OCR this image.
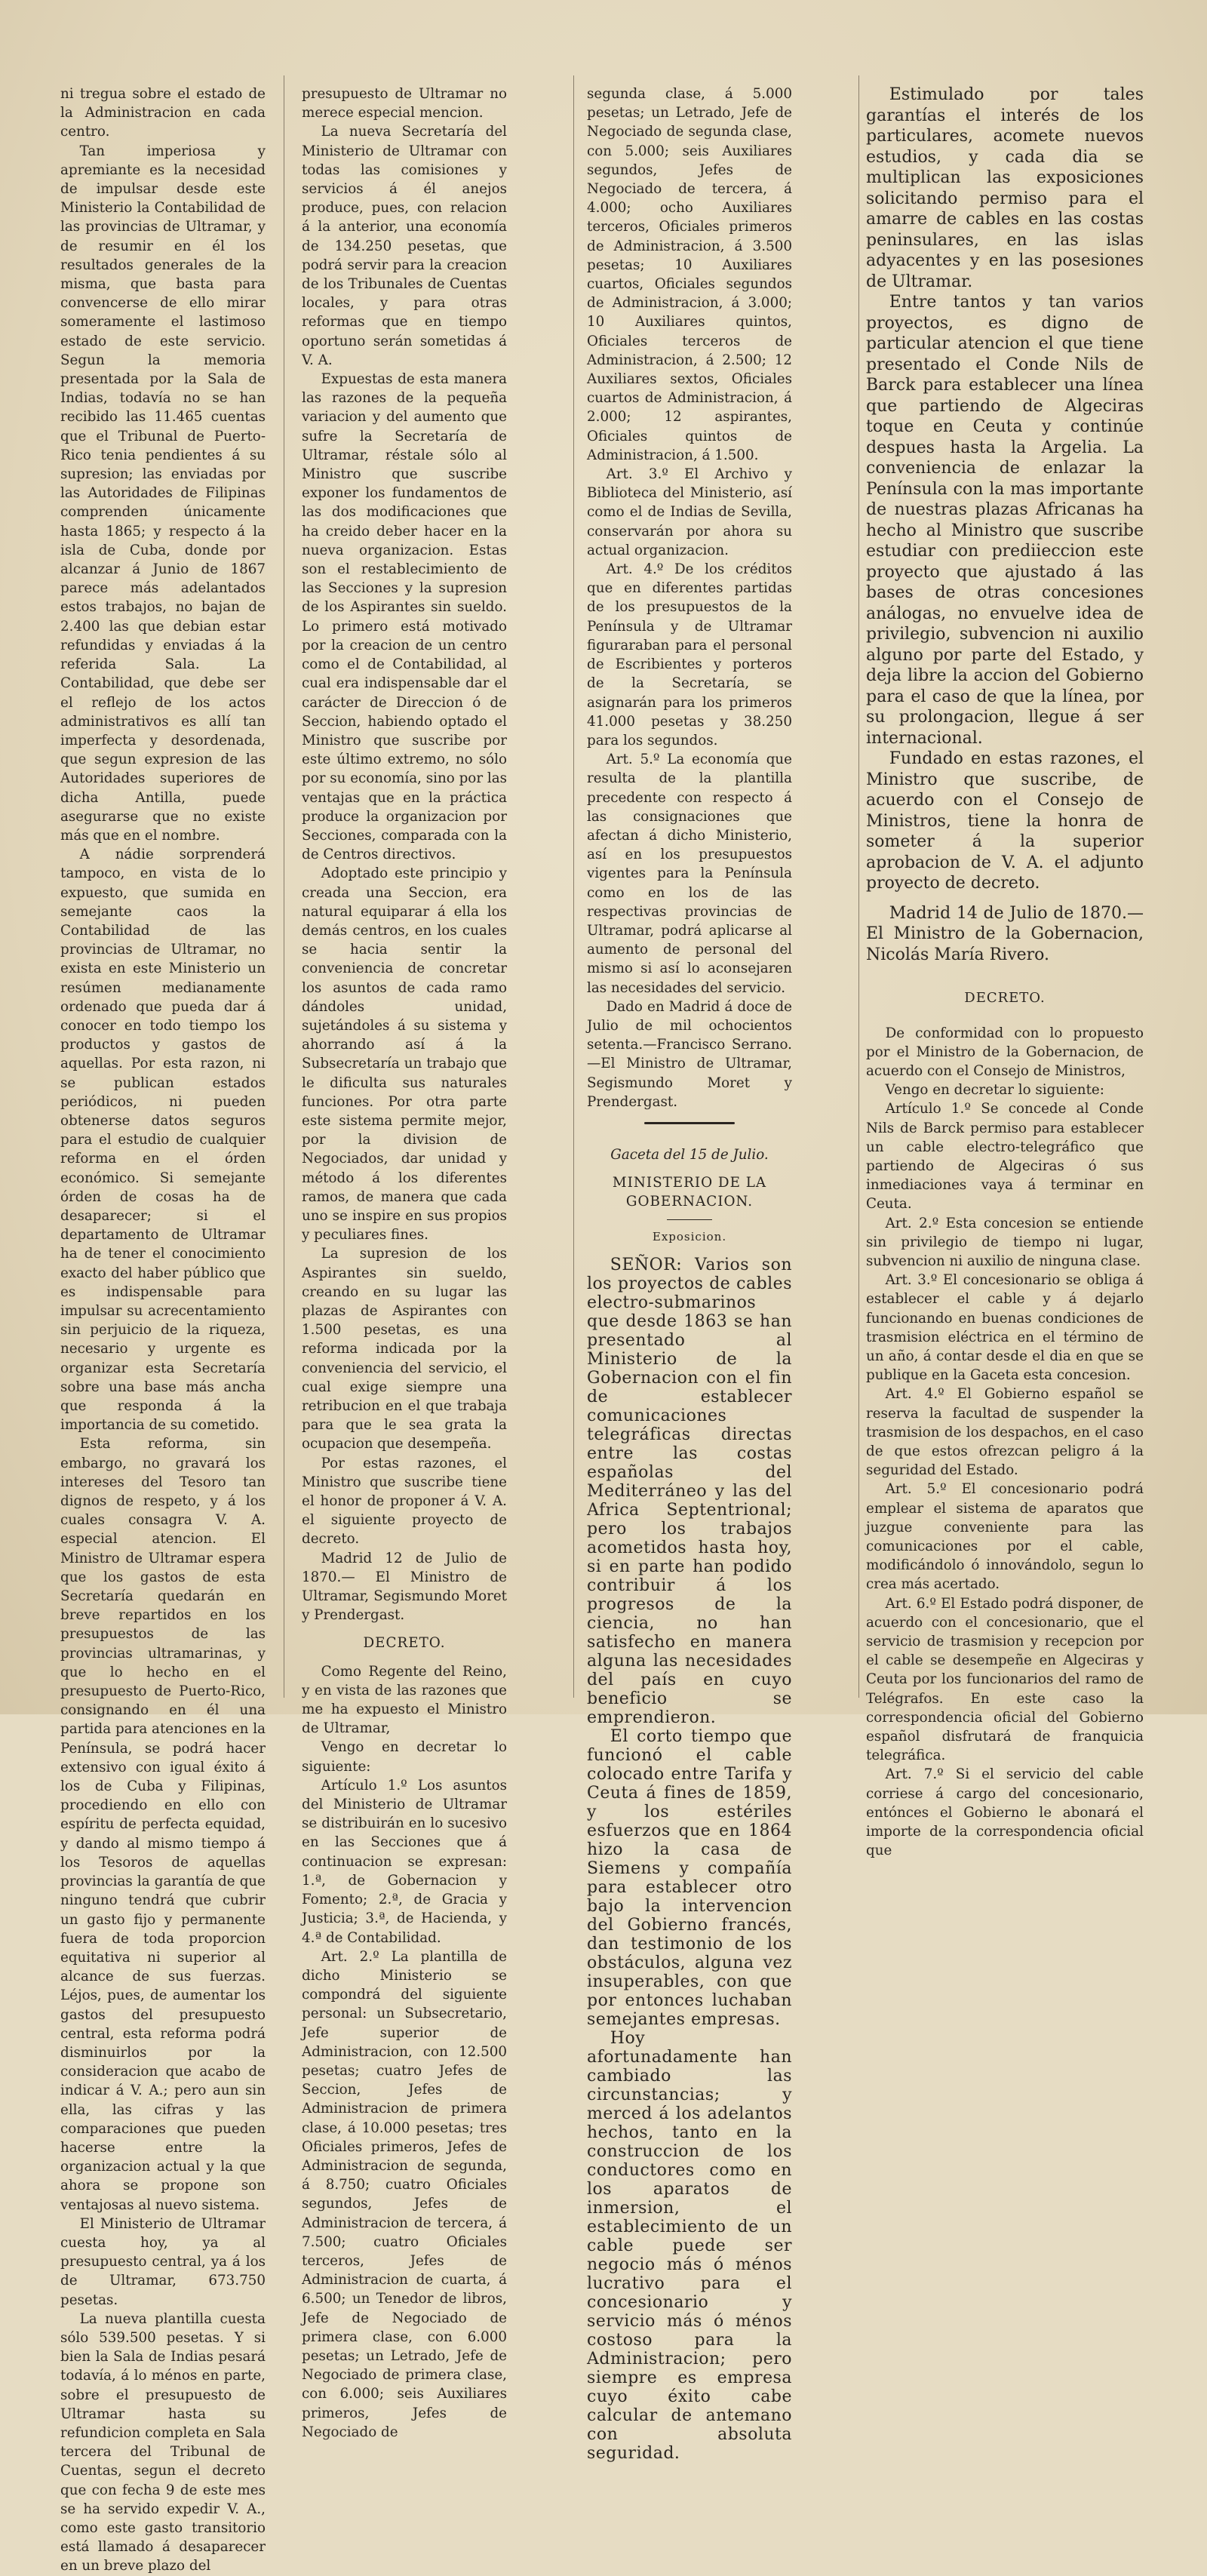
ni tregua sobre el estado de la Administracion en cada centro.

Tan imperiosa y apremiante es la necesidad de impulsar desde este Ministerio la Contabilidad de las provincias de Ultramar, y de resumir en él los resultados generales de la misma, que basta para convencerse de ello mirar someramente el lastimoso estado de este servicio. Segun la memoria presentada por la Sala de Indias, todavía no se han recibido las 11.465 cuentas que el Tribunal de Puerto-Rico tenia pendientes á su supresion; las enviadas por las Autoridades de Filipinas comprenden únicamente hasta 1865; y respecto á la isla de Cuba, donde por alcanzar á Junio de 1867 parece más adelantados estos trabajos, no bajan de 2.400 las que debian estar refundidas y enviadas á la referida Sala. La Contabilidad, que debe ser el reflejo de los actos administrativos es allí tan imperfecta y desordenada, que segun expresion de las Autoridades superiores de dicha Antilla, puede asegurarse que no existe más que en el nombre.

A nádie sorprenderá tampoco, en vista de lo expuesto, que sumida en semejante caos la Contabilidad de las provincias de Ultramar, no exista en este Ministerio un resúmen medianamente ordenado que pueda dar á conocer en todo tiempo los productos y gastos de aquellas. Por esta razon, ni se publican estados periódicos, ni pueden obtenerse datos seguros para el estudio de cualquier reforma en el órden económico. Si semejante órden de cosas ha de desaparecer; si el departamento de Ultramar ha de tener el conocimiento exacto del haber público que es indispensable para impulsar su acrecentamiento sin perjuicio de la riqueza, necesario y urgente es organizar esta Secretaría sobre una base más ancha que responda á la importancia de su cometido.

Esta reforma, sin embargo, no gravará los intereses del Tesoro tan dignos de respeto, y á los cuales consagra V. A. especial atencion. El Ministro de Ultramar espera que los gastos de esta Secretaría quedarán en breve repartidos en los presupuestos de las provincias ultramarinas, y que lo hecho en el presupuesto de Puerto-Rico, consignando en él una partida para atenciones en la Península, se podrá hacer extensivo con igual éxito á los de Cuba y Filipinas, procediendo en ello con espíritu de perfecta equidad, y dando al mismo tiempo á los Tesoros de aquellas provincias la garantía de que ninguno tendrá que cubrir un gasto fijo y permanente fuera de toda proporcion equitativa ni superior al alcance de sus fuerzas. Léjos, pues, de aumentar los gastos del presupuesto central, esta reforma podrá disminuirlos por la consideracion que acabo de indicar á V. A.; pero aun sin ella, las cifras y las comparaciones que pueden hacerse entre la organizacion actual y la que ahora se propone son ventajosas al nuevo sistema.

El Ministerio de Ultramar cuesta hoy, ya al presupuesto central, ya á los de Ultramar, 673.750 pesetas.

La nueva plantilla cuesta sólo 539.500 pesetas. Y si bien la Sala de Indias pesará todavía, á lo ménos en parte, sobre el presupuesto de Ultramar hasta su refundicion completa en Sala tercera del Tribunal de Cuentas, segun el decreto que con fecha 9 de este mes se ha servido expedir V. A., como este gasto transitorio está llamado á desaparecer en un breve plazo del

presupuesto de Ultramar no merece especial mencion.

La nueva Secretaría del Ministerio de Ultramar con todas las comisiones y servicios á él anejos produce, pues, con relacion á la anterior, una economía de 134.250 pesetas, que podrá servir para la creacion de los Tribunales de Cuentas locales, y para otras reformas que en tiempo oportuno serán sometidas á V. A.

Expuestas de esta manera las razones de la pequeña variacion y del aumento que sufre la Secretaría de Ultramar, réstale sólo al Ministro que suscribe exponer los fundamentos de las dos modificaciones que ha creido deber hacer en la nueva organizacion. Estas son el restablecimiento de las Secciones y la supresion de los Aspirantes sin sueldo. Lo primero está motivado por la creacion de un centro como el de Contabilidad, al cual era indispensable dar el carácter de Direccion ó de Seccion, habiendo optado el Ministro que suscribe por este último extremo, no sólo por su economía, sino por las ventajas que en la práctica produce la organizacion por Secciones, comparada con la de Centros directivos.

Adoptado este principio y creada una Seccion, era natural equiparar á ella los demás centros, en los cuales se hacia sentir la conveniencia de concretar los asuntos de cada ramo dándoles unidad, sujetándoles á su sistema y ahorrando así á la Subsecretaría un trabajo que le dificulta sus naturales funciones. Por otra parte este sistema permite mejor, por la division de Negociados, dar unidad y método á los diferentes ramos, de manera que cada uno se inspire en sus propios y peculiares fines.

La supresion de los Aspirantes sin sueldo, creando en su lugar las plazas de Aspirantes con 1.500 pesetas, es una reforma indicada por la conveniencia del servicio, el cual exige siempre una retribucion en el que trabaja para que le sea grata la ocupacion que desempeña.

Por estas razones, el Ministro que suscribe tiene el honor de proponer á V. A. el siguiente proyecto de decreto.

Madrid 12 de Julio de 1870.— El Ministro de Ultramar, Segismundo Moret y Prendergast.

DECRETO.

Como Regente del Reino, y en vista de las razones que me ha expuesto el Ministro de Ultramar,

Vengo en decretar lo siguiente:

Artículo 1.º Los asuntos del Ministerio de Ultramar se distribuirán en lo sucesivo en las Secciones que á continuacion se expresan: 1.ª, de Gobernacion y Fomento; 2.ª, de Gracia y Justicia; 3.ª, de Hacienda, y 4.ª de Contabilidad.

Art. 2.º La plantilla de dicho Ministerio se compondrá del siguiente personal: un Subsecretario, Jefe superior de Administracion, con 12.500 pesetas; cuatro Jefes de Seccion, Jefes de Administracion de primera clase, á 10.000 pesetas; tres Oficiales primeros, Jefes de Administracion de segunda, á 8.750; cuatro Oficiales segundos, Jefes de Administracion de tercera, á 7.500; cuatro Oficiales terceros, Jefes de Administracion de cuarta, á 6.500; un Tenedor de libros, Jefe de Negociado de primera clase, con 6.000 pesetas; un Letrado, Jefe de Negociado de primera clase, con 6.000; seis Auxiliares primeros, Jefes de Negociado de

segunda clase, á 5.000 pesetas; un Letrado, Jefe de Negociado de segunda clase, con 5.000; seis Auxiliares segundos, Jefes de Negociado de tercera, á 4.000; ocho Auxiliares terceros, Oficiales primeros de Administracion, á 3.500 pesetas; 10 Auxiliares cuartos, Oficiales segundos de Administracion, á 3.000; 10 Auxiliares quintos, Oficiales terceros de Administracion, á 2.500; 12 Auxiliares sextos, Oficiales cuartos de Administracion, á 2.000; 12 aspirantes, Oficiales quintos de Administracion, á 1.500.

Art. 3.º El Archivo y Biblioteca del Ministerio, así como el de Indias de Sevilla, conservarán por ahora su actual organizacion.

Art. 4.º De los créditos que en diferentes partidas de los presupuestos de la Península y de Ultramar figuraraban para el personal de Escribientes y porteros de la Secretaría, se asignarán para los primeros 41.000 pesetas y 38.250 para los segundos.

Art. 5.º La economía que resulta de la plantilla precedente con respecto á las consignaciones que afectan á dicho Ministerio, así en los presupuestos vigentes para la Península como en los de las respectivas provincias de Ultramar, podrá aplicarse al aumento de personal del mismo si así lo aconsejaren las necesidades del servicio.

Dado en Madrid á doce de Julio de mil ochocientos setenta.—Francisco Serrano.—El Ministro de Ultramar, Segismundo Moret y Prendergast.

Gaceta del 15 de Julio.

MINISTERIO DE LA GOBERNACION.

Exposicion.

SEÑOR: Varios son los proyectos de cables electro-submarinos que desde 1863 se han presentado al Ministerio de la Gobernacion con el fin de establecer comunicaciones telegráficas directas entre las costas españolas del Mediterráneo y las del Africa Septentrional; pero los trabajos acometidos hasta hoy, si en parte han podido contribuir á los progresos de la ciencia, no han satisfecho en manera alguna las necesidades del país en cuyo beneficio se emprendieron.

El corto tiempo que funcionó el cable colocado entre Tarifa y Ceuta á fines de 1859, y los estériles esfuerzos que en 1864 hizo la casa de Siemens y compañía para establecer otro bajo la intervencion del Gobierno francés, dan testimonio de los obstáculos, alguna vez insuperables, con que por entonces luchaban semejantes empresas.

Hoy afortunadamente han cambiado las circunstancias; y merced á los adelantos hechos, tanto en la construccion de los conductores como en los aparatos de inmersion, el establecimiento de un cable puede ser negocio más ó ménos lucrativo para el concesionario y servicio más ó ménos costoso para la Administracion; pero siempre es empresa cuyo éxito cabe calcular de antemano con absoluta seguridad.

Estimulado por tales garantías el interés de los particulares, acomete nuevos estudios, y cada dia se multiplican las exposiciones solicitando permiso para el amarre de cables en las costas peninsulares, en las islas adyacentes y en las posesiones de Ultramar.

Entre tantos y tan varios proyectos, es digno de particular atencion el que tiene presentado el Conde Nils de Barck para establecer una línea que partiendo de Algeciras toque en Ceuta y continúe despues hasta la Argelia. La conveniencia de enlazar la Península con la mas importante de nuestras plazas Africanas ha hecho al Ministro que suscribe estudiar con prediieccion este proyecto que ajustado á las bases de otras concesiones análogas, no envuelve idea de privilegio, subvencion ni auxilio alguno por parte del Estado, y deja libre la accion del Gobierno para el caso de que la línea, por su prolongacion, llegue á ser internacional.

Fundado en estas razones, el Ministro que suscribe, de acuerdo con el Consejo de Ministros, tiene la honra de someter á la superior aprobacion de V. A. el adjunto proyecto de decreto.

Madrid 14 de Julio de 1870.— El Ministro de la Gobernacion, Nicolás María Rivero.

DECRETO.

De conformidad con lo propuesto por el Ministro de la Gobernacion, de acuerdo con el Consejo de Ministros,

Vengo en decretar lo siguiente:

Artículo 1.º Se concede al Conde Nils de Barck permiso para establecer un cable electro-telegráfico que partiendo de Algeciras ó sus inmediaciones vaya á terminar en Ceuta.

Art. 2.º Esta concesion se entiende sin privilegio de tiempo ni lugar, subvencion ni auxilio de ninguna clase.

Art. 3.º El concesionario se obliga á establecer el cable y á dejarlo funcionando en buenas condiciones de trasmision eléctrica en el término de un año, á contar desde el dia en que se publique en la Gaceta esta concesion.

Art. 4.º El Gobierno español se reserva la facultad de suspender la trasmision de los despachos, en el caso de que estos ofrezcan peligro á la seguridad del Estado.

Art. 5.º El concesionario podrá emplear el sistema de aparatos que juzgue conveniente para las comunicaciones por el cable, modificándolo ó innovándolo, segun lo crea más acertado.

Art. 6.º El Estado podrá disponer, de acuerdo con el concesionario, que el servicio de trasmision y recepcion por el cable se desempeñe en Algeciras y Ceuta por los funcionarios del ramo de Telégrafos. En este caso la correspondencia oficial del Gobierno español disfrutará de franquicia telegráfica.

Art. 7.º Si el servicio del cable corriese á cargo del concesionario, entónces el Gobierno le abonará el importe de la correspondencia oficial que
